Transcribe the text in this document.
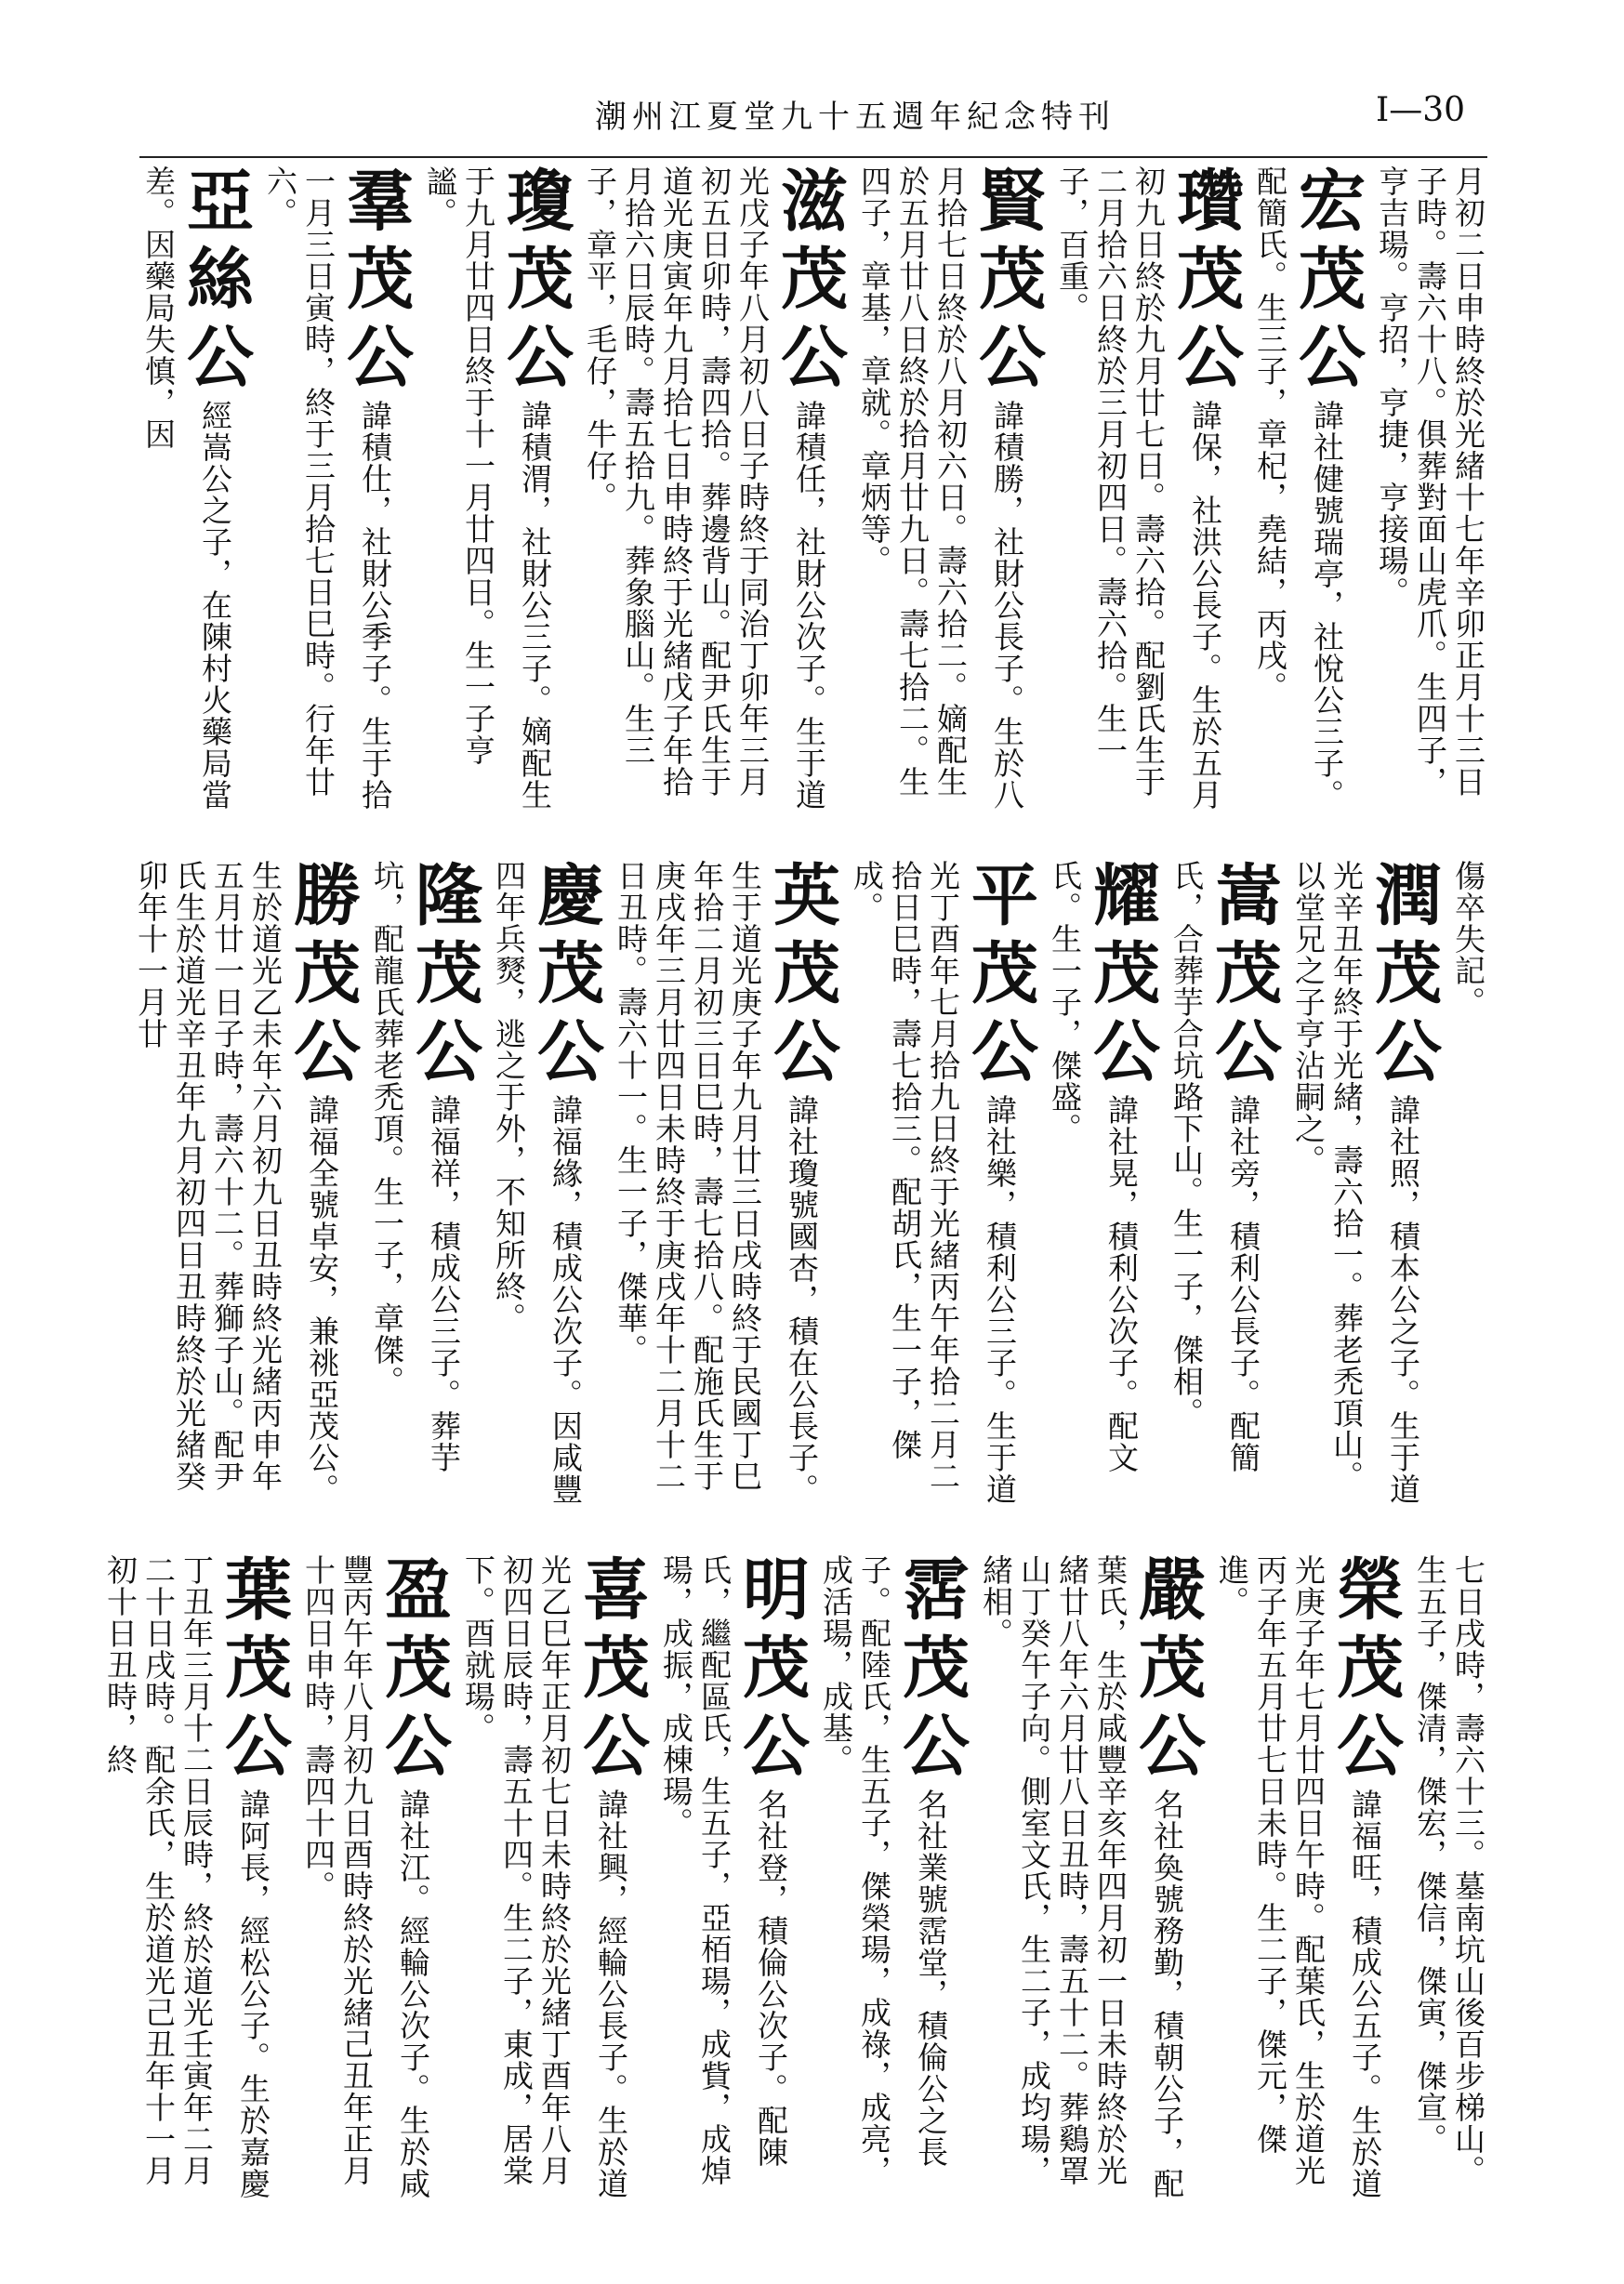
潮州江夏堂九十五週年紀念特刊	I—30

月初二日申時終於光緒十七年辛卯正月十三日子時。壽六十八。俱葬對面山虎爪。生四子，亨吉瑒。亨招，亨捷，亨接瑒。

宏茂公諱社健號瑞亭，社悅公三子。配簡氏。生三子，章杞，堯結，丙戌。

瓚茂公諱保，社洪公長子。生於五月初九日終於九月廿七日。壽六拾。配劉氏生于二月拾六日終於三月初四日。壽六拾。生一子，百重。

賢茂公諱積勝，社財公長子。生於八月拾七日終於八月初六日。壽六拾二。嫡配生於五月廿八日終於拾月廿九日。壽七拾二。生四子，章基，章就。章炳等。

滋茂公諱積任，社財公次子。生于道光戊子年八月初八日子時終于同治丁卯年三月初五日卯時，壽四拾。葬邊背山。配尹氏生于道光庚寅年九月拾七日申時終于光緒戊子年拾月拾六日辰時。壽五拾九。葬象腦山。生三子，章平，毛仔，牛仔。

瓊茂公諱積渭，社財公三子。嫡配生于九月廿四日終于十一月廿四日。生一子亨謐。

羣茂公諱積仕，社財公季子。生于拾一月三日寅時，終于三月拾七日巳時。行年廿六。

亞絲公經嵩公之子，在陳村火藥局當差。因藥局失慎，因

傷卒失記。

潤茂公諱社照，積本公之子。生于道光辛丑年終于光緒，壽六拾一。葬老禿頂山。以堂兄之子亨沾嗣之。

嵩茂公諱社旁，積利公長子。配簡氏，合葬芋合坑路下山。生一子，傑相。

耀茂公諱社晃，積利公次子。配文氏。生一子，傑盛。

平茂公諱社樂，積利公三子。生于道光丁酉年七月拾九日終于光緒丙午年拾二月二拾日巳時，壽七拾三。配胡氏，生一子，傑成。

英茂公諱社瓊號國杏，積在公長子。生于道光庚子年九月廿三日戌時終于民國丁巳年拾二月初三日巳時，壽七拾八。配施氏生于庚戌年三月廿四日未時終于庚戌年十二月十二日丑時。壽六十一。生一子，傑華。

慶茂公諱福緣，積成公次子。因咸豐四年兵燹，逃之于外，不知所終。

隆茂公諱福祥，積成公三子。葬芋坑，配龍氏葬老禿頂。生一子，章傑。

勝茂公諱福全號卓安，兼祧亞茂公。生於道光乙未年六月初九日丑時終光緒丙申年五月廿一日子時，壽六十二。葬獅子山。配尹氏生於道光辛丑年九月初四日丑時終於光緒癸卯年十一月廿

七日戌時，壽六十三。墓南坑山後百步梯山。生五子，傑清，傑宏，傑信，傑寅，傑宣。

榮茂公諱福旺，積成公五子。生於道光庚子年七月廿四日午時。配葉氏，生於道光丙子年五月廿七日未時。生二子，傑元，傑進。

嚴茂公名社奐號務勤，積朝公子，配葉氏，生於咸豐辛亥年四月初一日未時終於光緒廿八年六月廿八日丑時，壽五十二。葬鷄罩山丁癸午子向。側室文氏，生二子，成均瑒，緒相。

霑茂公名社業號霑堂，積倫公之長子。配陸氏，生五子，傑榮瑒，成祿，成亮，成活瑒，成基。

明茂公名社登，積倫公次子。配陳氏，繼配區氏，生五子，亞栢瑒，成貲，成焯瑒，成振，成棟瑒。

喜茂公諱社興，經輪公長子。生於道光乙巳年正月初七日未時終於光緒丁酉年八月初四日辰時，壽五十四。生二子，東成，居棠下。酉就瑒。

盈茂公諱社江。經輪公次子。生於咸豐丙午年八月初九日酉時終於光緒己丑年正月十四日申時，壽四十四。

葉茂公諱阿長，經松公子。生於嘉慶丁丑年三月十二日辰時，終於道光壬寅年二月二十日戌時。配余氏，生於道光己丑年十一月初十日丑時，終
